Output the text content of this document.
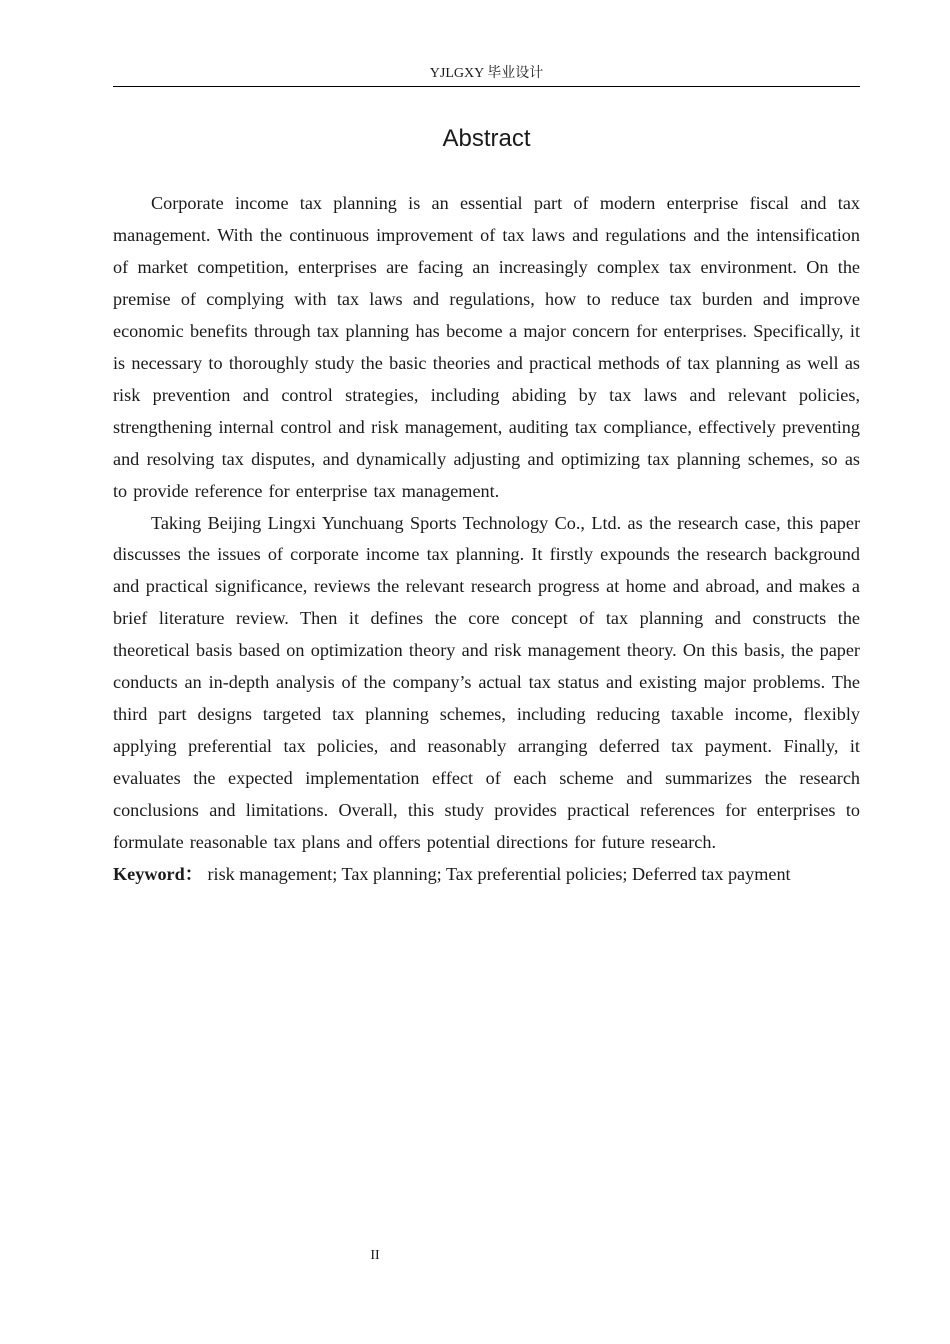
YJLGXY 毕业设计
Abstract

Corporate income tax planning is an essential part of modern enterprise fiscal and tax management. With the continuous improvement of tax laws and regulations and the intensification of market competition, enterprises are facing an increasingly complex tax environment. On the premise of complying with tax laws and regulations, how to reduce tax burden and improve economic benefits through tax planning has become a major concern for enterprises. Specifically, it is necessary to thoroughly study the basic theories and practical methods of tax planning as well as risk prevention and control strategies, including abiding by tax laws and relevant policies, strengthening internal control and risk management, auditing tax compliance, effectively preventing and resolving tax disputes, and dynamically adjusting and optimizing tax planning schemes, so as to provide reference for enterprise tax management.

Taking Beijing Lingxi Yunchuang Sports Technology Co., Ltd. as the research case, this paper discusses the issues of corporate income tax planning. It firstly expounds the research background and practical significance, reviews the relevant research progress at home and abroad, and makes a brief literature review. Then it defines the core concept of tax planning and constructs the theoretical basis based on optimization theory and risk management theory. On this basis, the paper conducts an in-depth analysis of the company’s actual tax status and existing major problems. The third part designs targeted tax planning schemes, including reducing taxable income, flexibly applying preferential tax policies, and reasonably arranging deferred tax payment. Finally, it evaluates the expected implementation effect of each scheme and summarizes the research conclusions and limitations. Overall, this study provides practical references for enterprises to formulate reasonable tax plans and offers potential directions for future research.

Keyword： risk management; Tax planning; Tax preferential policies; Deferred tax payment
II
